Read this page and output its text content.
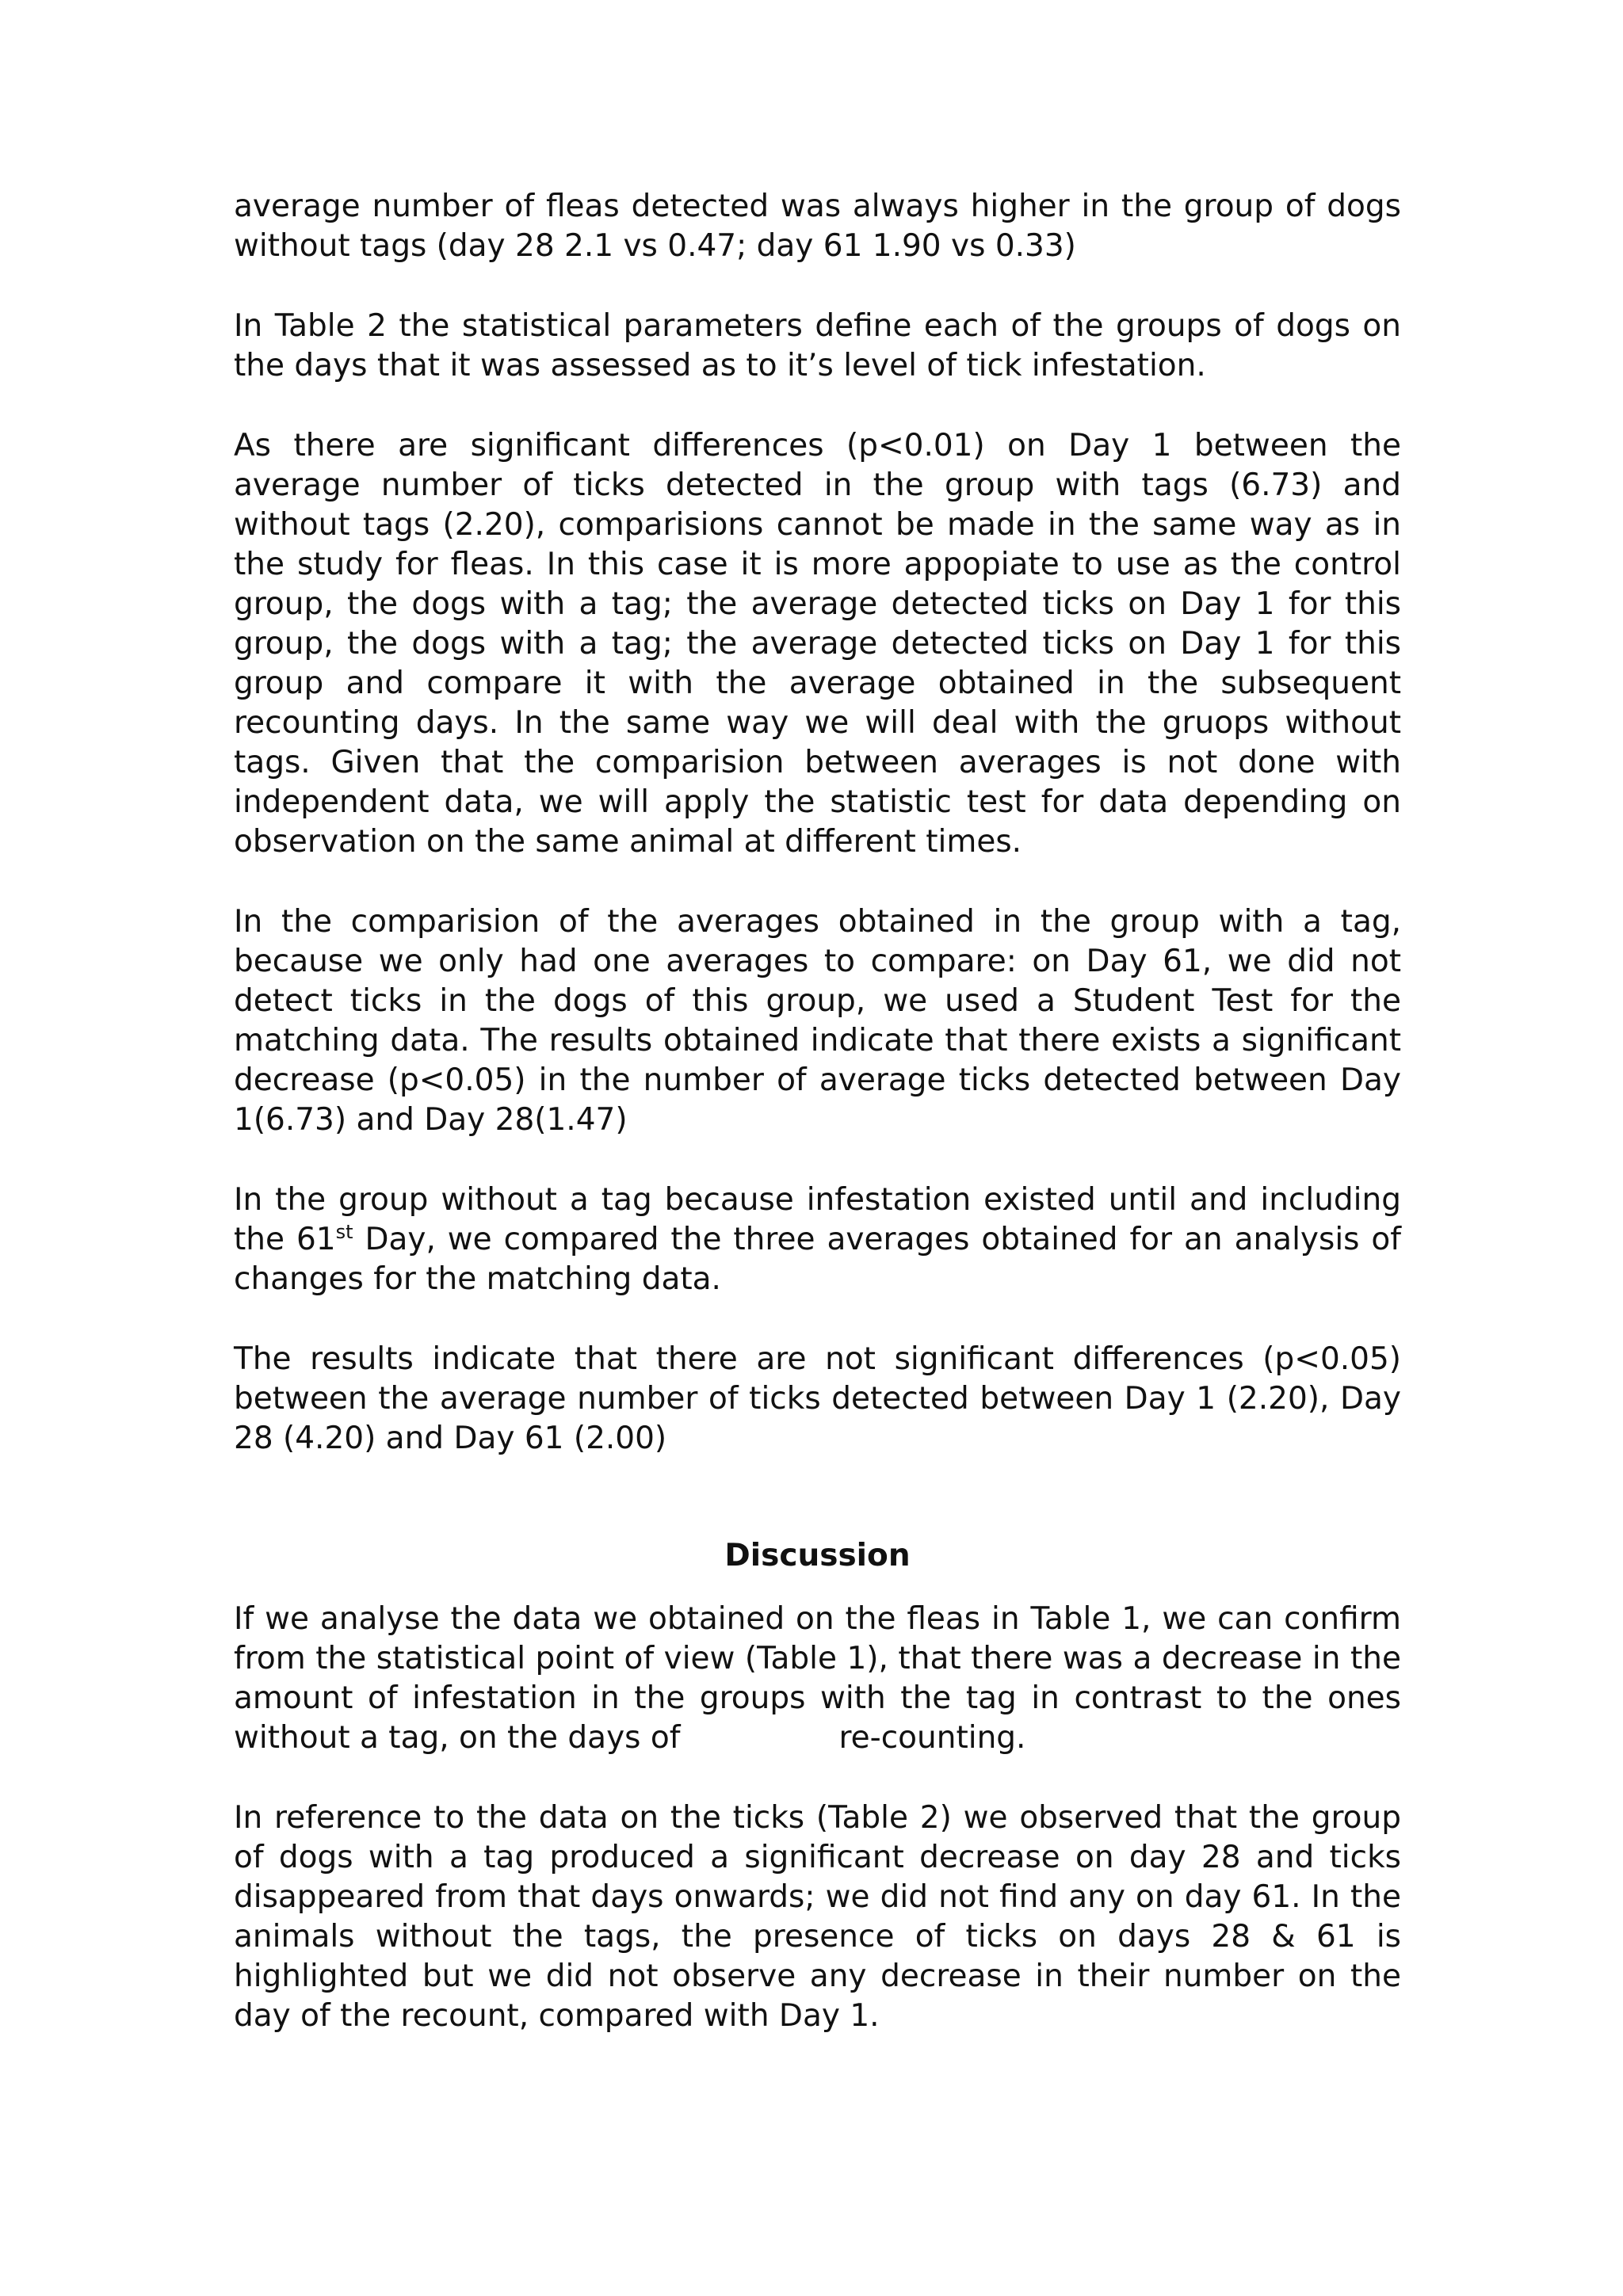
average number of fleas detected was always higher in the group of dogs without tags (day 28 2.1 vs 0.47; day 61 1.90 vs 0.33)

In Table 2 the statistical parameters define each of the groups of dogs on the days that it was assessed as to it’s level of tick infestation.

As there are significant differences (p<0.01) on Day 1 between the average number of ticks detected in the group with tags (6.73) and without tags (2.20), comparisions cannot be made in the same way as in the study for fleas. In this case it is more appopiate to use as the control group, the dogs with a tag; the average detected ticks on Day 1 for this group, the dogs with a tag; the average detected ticks on Day 1 for this group and compare it with the average obtained in the subsequent recounting days. In the same way we will deal with the gruops without tags. Given that the comparision between averages is not done with independent data, we will apply the statistic test for data depending on observation on the same animal at different times.

In the comparision of the averages obtained in the group with a tag, because we only had one averages to compare: on Day 61, we did not detect ticks in the dogs of this group, we used a Student Test for the matching data. The results obtained indicate that there exists a significant decrease (p<0.05) in the number of average ticks detected between Day 1(6.73) and Day 28(1.47)

In the group without a tag because infestation existed until and including the 61st Day, we compared the three averages obtained for an analysis of changes for the matching data.

The results indicate that there are not significant differences (p<0.05) between the average number of ticks detected between Day 1 (2.20), Day 28 (4.20) and Day 61 (2.00)

Discussion

If we analyse the data we obtained on the fleas in Table 1, we can confirm from the statistical point of view (Table 1), that there was a decrease in the amount of infestation in the groups with the tag in contrast to the ones without a tag, on the days of	re-counting.

In reference to the data on the ticks (Table 2) we observed that the group of dogs with a tag produced a significant decrease on day 28 and ticks disappeared from that days onwards; we did not find any on day 61. In the animals without the tags, the presence of ticks on days 28 & 61 is highlighted but we did not observe any decrease in their number on the day of the recount, compared with Day 1.
